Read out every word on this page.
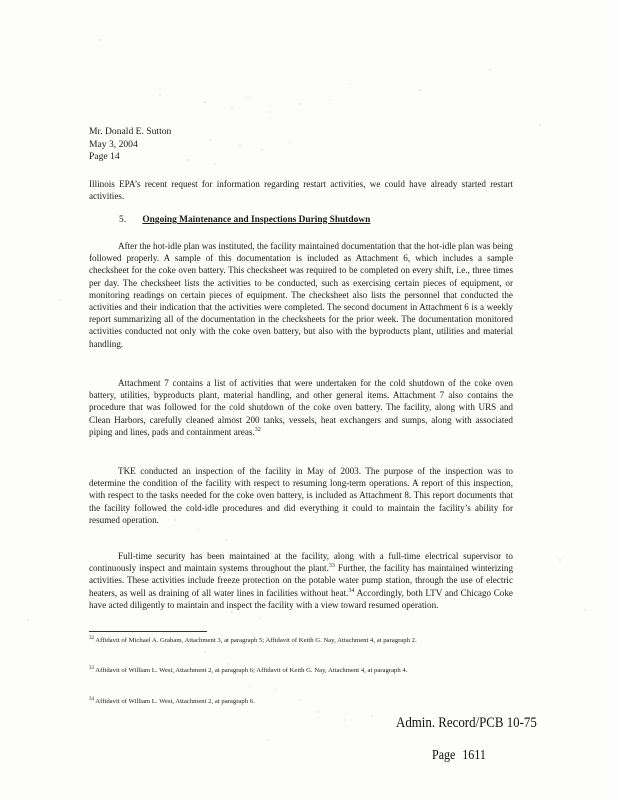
Mr. Donald E. Sutton
May 3, 2004
Page 14

Illinois EPA’s recent request for information regarding restart activities, we could have already started restart activities.

5. Ongoing Maintenance and Inspections During Shutdown

After the hot-idle plan was instituted, the facility maintained documentation that the hot-idle plan was being followed properly. A sample of this documentation is included as Attachment 6, which includes a sample checksheet for the coke oven battery. This checksheet was required to be completed on every shift, i.e., three times per day. The checksheet lists the activities to be conducted, such as exercising certain pieces of equipment, or monitoring readings on certain pieces of equipment. The checksheet also lists the personnel that conducted the activities and their indication that the activities were completed. The second document in Attachment 6 is a weekly report summarizing all of the documentation in the checksheets for the prior week. The documentation monitored activities conducted not only with the coke oven battery, but also with the byproducts plant, utilities and material handling.

Attachment 7 contains a list of activities that were undertaken for the cold shutdown of the coke oven battery, utilities, byproducts plant, material handling, and other general items. Attachment 7 also contains the procedure that was followed for the cold shutdown of the coke oven battery. The facility, along with URS and Clean Harbors, carefully cleaned almost 200 tanks, vessels, heat exchangers and sumps, along with associated piping and lines, pads and containment areas.$^{32}$

TKE conducted an inspection of the facility in May of 2003. The purpose of the inspection was to determine the condition of the facility with respect to resuming long-term operations. A report of this inspection, with respect to the tasks needed for the coke oven battery, is included as Attachment 8. This report documents that the facility followed the cold-idle procedures and did everything it could to maintain the facility’s ability for resumed operation.

Full-time security has been maintained at the facility, along with a full-time electrical supervisor to continuously inspect and maintain systems throughout the plant.$^{33}$ Further, the facility has maintained winterizing activities. These activities include freeze protection on the potable water pump station, through the use of electric heaters, as well as draining of all water lines in facilities without heat.$^{34}$ Accordingly, both LTV and Chicago Coke have acted diligently to maintain and inspect the facility with a view toward resumed operation.

$^{32}$ Affidavit of Michael A. Graham, Attachment 3, at paragraph 5; Affidavit of Keith G. Nay, Attachment 4, at paragraph 2.

$^{33}$ Affidavit of William L. West, Attachment 2, at paragraph 6; Affidavit of Keith G. Nay, Attachment 4, at paragraph 4.

$^{34}$ Affidavit of William L. West, Attachment 2, at paragraph 6.

Admin. Record/PCB 10-75
Page 1611
